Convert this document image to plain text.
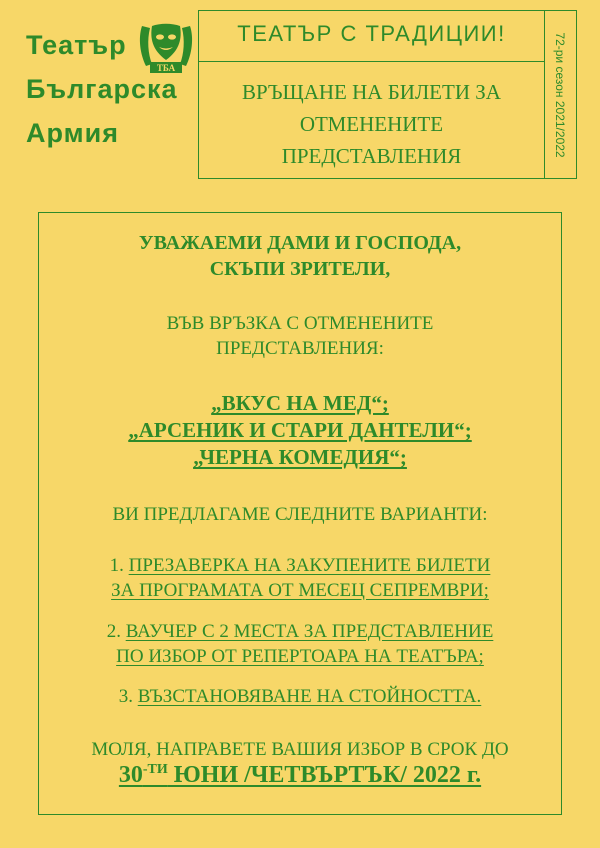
Театър
Българска
Армия
ТБА
ТЕАТЪР С ТРАДИЦИИ!
ВРЪЩАНЕ НА БИЛЕТИ ЗА
ОТМЕНЕНИТЕ
ПРЕДСТАВЛЕНИЯ	72-ри сезон 2021/2022
УВАЖАЕМИ ДАМИ И ГОСПОДА,
СКЪПИ ЗРИТЕЛИ,
ВЪВ ВРЪЗКА С ОТМЕНЕНИТЕ
ПРЕДСТАВЛЕНИЯ:
„ВКУС НА МЕД“;
„АРСЕНИК И СТАРИ ДАНТЕЛИ“;
„ЧЕРНА КОМЕДИЯ“;
ВИ ПРЕДЛАГАМЕ СЛЕДНИТЕ ВАРИАНТИ:
1. ПРЕЗАВЕРКА НА ЗАКУПЕНИТЕ БИЛЕТИ
ЗА ПРОГРАМАТА ОТ МЕСЕЦ СЕПРЕМВРИ;
2. ВАУЧЕР С 2 МЕСТА ЗА ПРЕДСТАВЛЕНИЕ
ПО ИЗБОР ОТ РЕПЕРТОАРА НА ТЕАТЪРА;
3. ВЪЗСТАНОВЯВАНЕ НА СТОЙНОСТТА.
МОЛЯ, НАПРАВЕТЕ ВАШИЯ ИЗБОР В СРОК ДО
$30^{-ТИ}$ ЮНИ /ЧЕТВЪРТЪК/ 2022 г.
